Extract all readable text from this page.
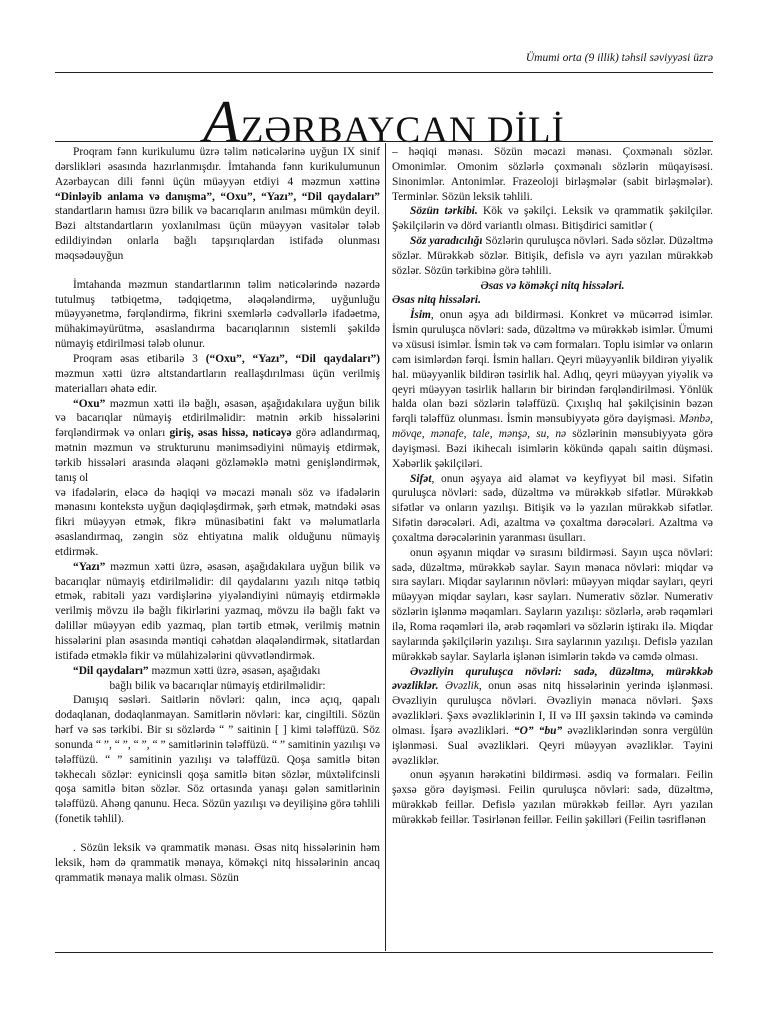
Ümumi orta (9 illik) təhsil səviyyəsi üzrə
AZƏRBAYCAN DİLİ

Proqram fənn kurikulumu üzrə təlim nəticələrinə uyğun IX sinif dərslikləri əsasında hazırlanmışdır. İmtahanda fənn kurikulumunun Azərbaycan dili fənni üçün müəyyən etdiyi 4 məzmun xəttinə “Dinləyib anlama və danışma”, “Oxu”, “Yazı”, “Dil qaydaları” standartların hamısı üzrə bilik və bacarıqların anılması mümkün deyil. Bəzi altstandartların yoxlanılması üçün müəyyən vasitələr tələb edildiyindən onlarla bağlı tapşırıqlardan istifadə olunması məqsədəuyğun

İmtahanda məzmun standartlarının təlim nəticələrində nəzərdə tutulmuş tətbiqetmə, tədqiqetmə, ələqələndirmə, uyğunluğu müəyyənetmə, fərqləndirmə, fikrini sxemlərlə cədvəllərlə ifadəetmə, mühakiməyürütmə, əsaslandırma bacarıqlarının sistemli şəkildə nümayiş etdirilməsi tələb olunur.

Proqram əsas etibarilə 3 (“Oxu”, “Yazı”, “Dil qaydaları”) məzmun xətti üzrə altstandartların reallaşdırılması üçün verilmiş materialları əhatə edir.

“Oxu” məzmun xətti ilə bağlı, əsasən, aşağıdakılara uyğun bilik və bacarıqlar nümayiş etdirilməlidir: mətnin ərkib hissələrini fərqləndirmək və onları giriş, əsas hissə, nəticəyə görə adlandırmaq, mətnin məzmun və strukturunu mənimsədiyini nümayiş etdirmək, tərkib hissələri arasında əlaqəni gözləməklə mətni genişləndirmək, tanış ol

və ifadələrin, eləcə də həqiqi və məcazi mənalı söz və ifadələrin mənasını kontekstə uyğun dəqiqləşdirmək, şərh etmək, mətndəki əsas fikri müəyyən etmək, fikrə münasibətini fakt və məlumatlarla əsaslandırmaq, zəngin söz ehtiyatına malik olduğunu nümayiş etdirmək.

“Yazı” məzmun xətti üzrə, əsasən, aşağıdakılara uyğun bilik və bacarıqlar nümayiş etdirilməlidir: dil qaydalarını yazılı nitqə tətbiq etmək, rabitəli yazı vərdişlərinə yiyələndiyini nümayiş etdirməklə verilmiş mövzu ilə bağlı fikirlərini yazmaq, mövzu ilə bağlı fakt və dəlillər müəyyən edib yazmaq, plan tərtib etmək, verilmiş mətnin hissələrini plan əsasında məntiqi cəhətdən əlaqələndirmək, sitatlardan istifadə etməklə fikir və mülahizələrini qüvvətləndirmək.

“Dil qaydaları” məzmun xətti üzrə, əsasən, aşağıdakı

bağlı bilik və bacarıqlar nümayiş etdirilməlidir:

Danışıq səsləri. Saitlərin növləri: qalın, incə açıq, qapalı dodaqlanan, dodaqlanmayan. Samitlərin növləri: kar, cingiltili. Sözün hərf və səs tərkibi. Bir sı sözlərdə “ ” saitinin [ ] kimi tələffüzü. Söz sonunda “ ”, “ ”, “ ”, “ ” samitlərinin tələffüzü. “ ” samitinin yazılışı və tələffüzü. “ ” samitinin yazılışı və tələffüzü. Qoşa samitlə bitən təkhecalı sözlər: eynicinsli qoşa samitlə bitən sözlər, müxtəlifcinsli qoşa samitlə bitən sözlər. Söz ortasında yanaşı gələn samitlərinin tələffüzü. Ahəng qanunu. Heca. Sözün yazılışı və deyilişinə görə təhlili (fonetik təhlil).

. Sözün leksik və qrammatik mənası. Əsas nitq hissələrinin həm leksik, həm də qrammatik mənaya, köməkçi nitq hissələrinin ancaq qrammatik mənaya malik olması. Sözün

– həqiqi mənası. Sözün məcazi mənası. Çoxmənalı sözlər. Omonimlər. Omonim sözlərlə çoxmənalı sözlərin müqayisəsi. Sinonimlər. Antonimlər. Frazeoloji birləşmələr (sabit birləşmələr). Terminlər. Sözün leksik təhlili.

Sözün tərkibi. Kök və şəkilçi. Leksik və qrammatik şəkilçilər. Şəkilçilərin və dörd variantlı olması. Bitişdirici samitlər (

Söz yaradıcılığı Sözlərin quruluşca növləri. Sadə sözlər. Düzəltmə sözlər. Mürəkkəb sözlər. Bitişik, defislə və ayrı yazılan mürəkkəb sözlər. Sözün tərkibinə görə təhlili.

Əsas və köməkçi nitq hissələri.

Əsas nitq hissələri.

İsim, onun əşya adı bildirməsi. Konkret və mücərrəd isimlər. İsmin quruluşca növləri: sadə, düzəltmə və mürəkkəb isimlər. Ümumi və xüsusi isimlər. İsmin tək və cəm formaları. Toplu isimlər və onların cəm isimlərdən fərqi. İsmin halları. Qeyri müəyyənlik bildirən yiyəlik hal. müəyyənlik bildirən təsirlik hal. Adlıq, qeyri müəyyən yiyəlik və qeyri müəyyən təsirlik halların bir birindən fərqləndirilməsi. Yönlük halda olan bəzi sözlərin tələffüzü. Çıxışlıq hal şəkilçisinin bəzən fərqli tələffüz olunması. İsmin mənsubiyyətə görə dəyişməsi. Mənbə, mövqe, mənafe, tale, mənşə, su, nə sözlərinin mənsubiyyətə görə dəyişməsi. Bəzi ikihecalı isimlərin kökündə qapalı saitin düşməsi. Xəbərlik şəkilçiləri.

Sifət, onun əşyaya aid əlamət və keyfiyyət bil məsi. Sifətin quruluşca növləri: sadə, düzəltmə və mürəkkəb sifətlər. Mürəkkəb sifətlər və onların yazılışı. Bitişik və lə yazılan mürəkkəb sifətlər. Sifətin dərəcələri. Adi, azaltma və çoxaltma dərəcələri. Azaltma və çoxaltma dərəcələrinin yaranması üsulları.

onun əşyanın miqdar və sırasını bildirməsi. Sayın uşca növləri: sadə, düzəltmə, mürəkkəb saylar. Sayın mənaca növləri: miqdar və sıra sayları. Miqdar saylarının növləri: müəyyən miqdar sayları, qeyri müəyyən miqdar sayları, kəsr sayları. Numerativ sözlər. Numerativ sözlərin işlənmə məqamları. Sayların yazılışı: sözlərlə, ərəb rəqəmləri ilə, Roma rəqəmləri ilə, ərəb rəqəmləri və sözlərin iştirakı ilə. Miqdar saylarında şəkilçilərin yazılışı. Sıra saylarının yazılışı. Defislə yazılan mürəkkəb saylar. Saylarla işlənən isimlərin təkdə və cəmdə olması.

Əvəzliyin quruluşca növləri: sadə, düzəltmə, mürəkkəb əvəzliklər. Əvəzlik, onun əsas nitq hissələrinin yerində işlənməsi. Əvəzliyin quruluşca növləri. Əvəzliyin mənaca növləri. Şəxs əvəzlikləri. Şəxs əvəzliklərinin I, II və III şəxsin təkində və cəmində olması. İşarə əvəzlikləri. “O” “bu” əvəzliklərindən sonra vergülün işlənməsi. Sual əvəzlikləri. Qeyri müəyyən əvəzliklər. Təyini əvəzliklər.

onun əşyanın hərəkətini bildirməsi. əsdiq və formaları. Feilin şəxsə görə dəyişməsi. Feilin quruluşca növləri: sadə, düzəltmə, mürəkkəb feillər. Defislə yazılan mürəkkəb feillər. Ayrı yazılan mürəkkəb feillər. Təsirlənən feillər. Feilin şəkilləri (Feilin təsriflənən
